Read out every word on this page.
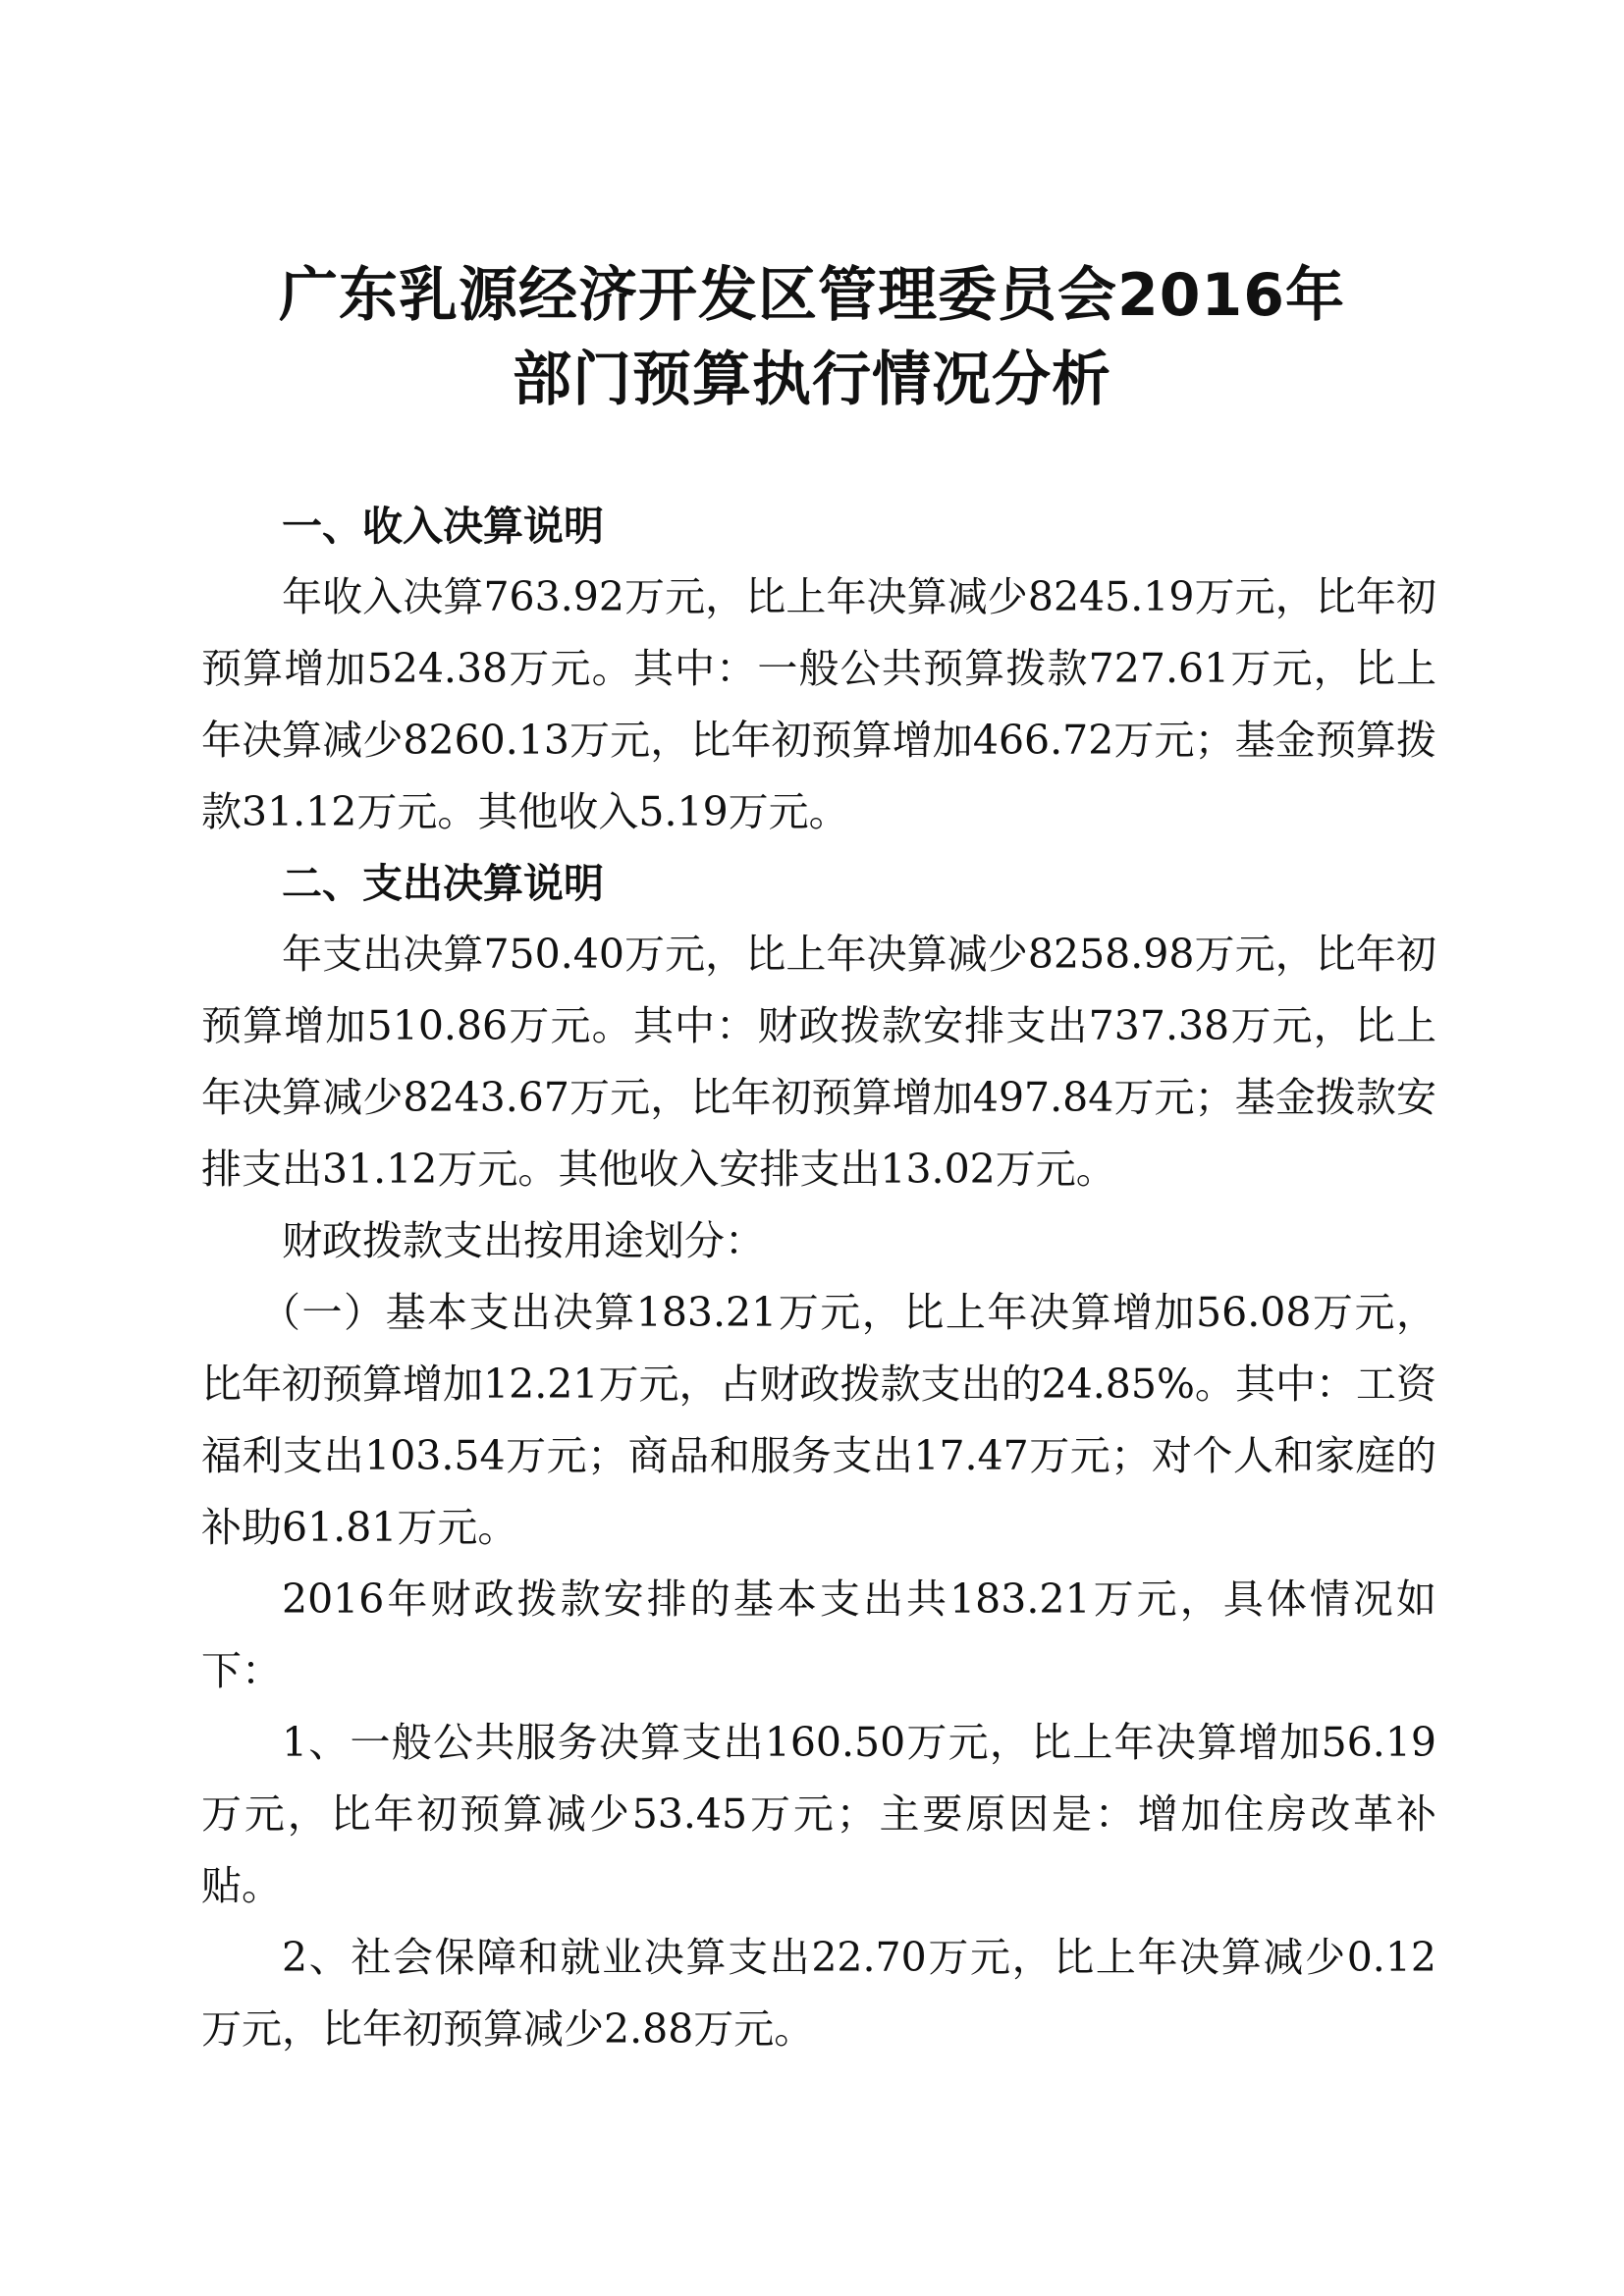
广东乳源经济开发区管理委员会2016年
部门预算执行情况分析

一、收入决算说明

年收入决算763.92万元，比上年决算减少8245.19万元，比年初预算增加524.38万元。其中：一般公共预算拨款727.61万元，比上年决算减少8260.13万元，比年初预算增加466.72万元；基金预算拨款31.12万元。其他收入5.19万元。

二、支出决算说明

年支出决算750.40万元，比上年决算减少8258.98万元，比年初预算增加510.86万元。其中：财政拨款安排支出737.38万元，比上年决算减少8243.67万元，比年初预算增加497.84万元；基金拨款安排支出31.12万元。其他收入安排支出13.02万元。

财政拨款支出按用途划分：

（一）基本支出决算183.21万元，比上年决算增加56.08万元，比年初预算增加12.21万元，占财政拨款支出的24.85%。其中：工资福利支出103.54万元；商品和服务支出17.47万元；对个人和家庭的补助61.81万元。

2016年财政拨款安排的基本支出共183.21万元，具体情况如下：

1、一般公共服务决算支出160.50万元，比上年决算增加56.19万元，比年初预算减少53.45万元；主要原因是：增加住房改革补贴。

2、社会保障和就业决算支出22.70万元，比上年决算减少0.12万元，比年初预算减少2.88万元。
